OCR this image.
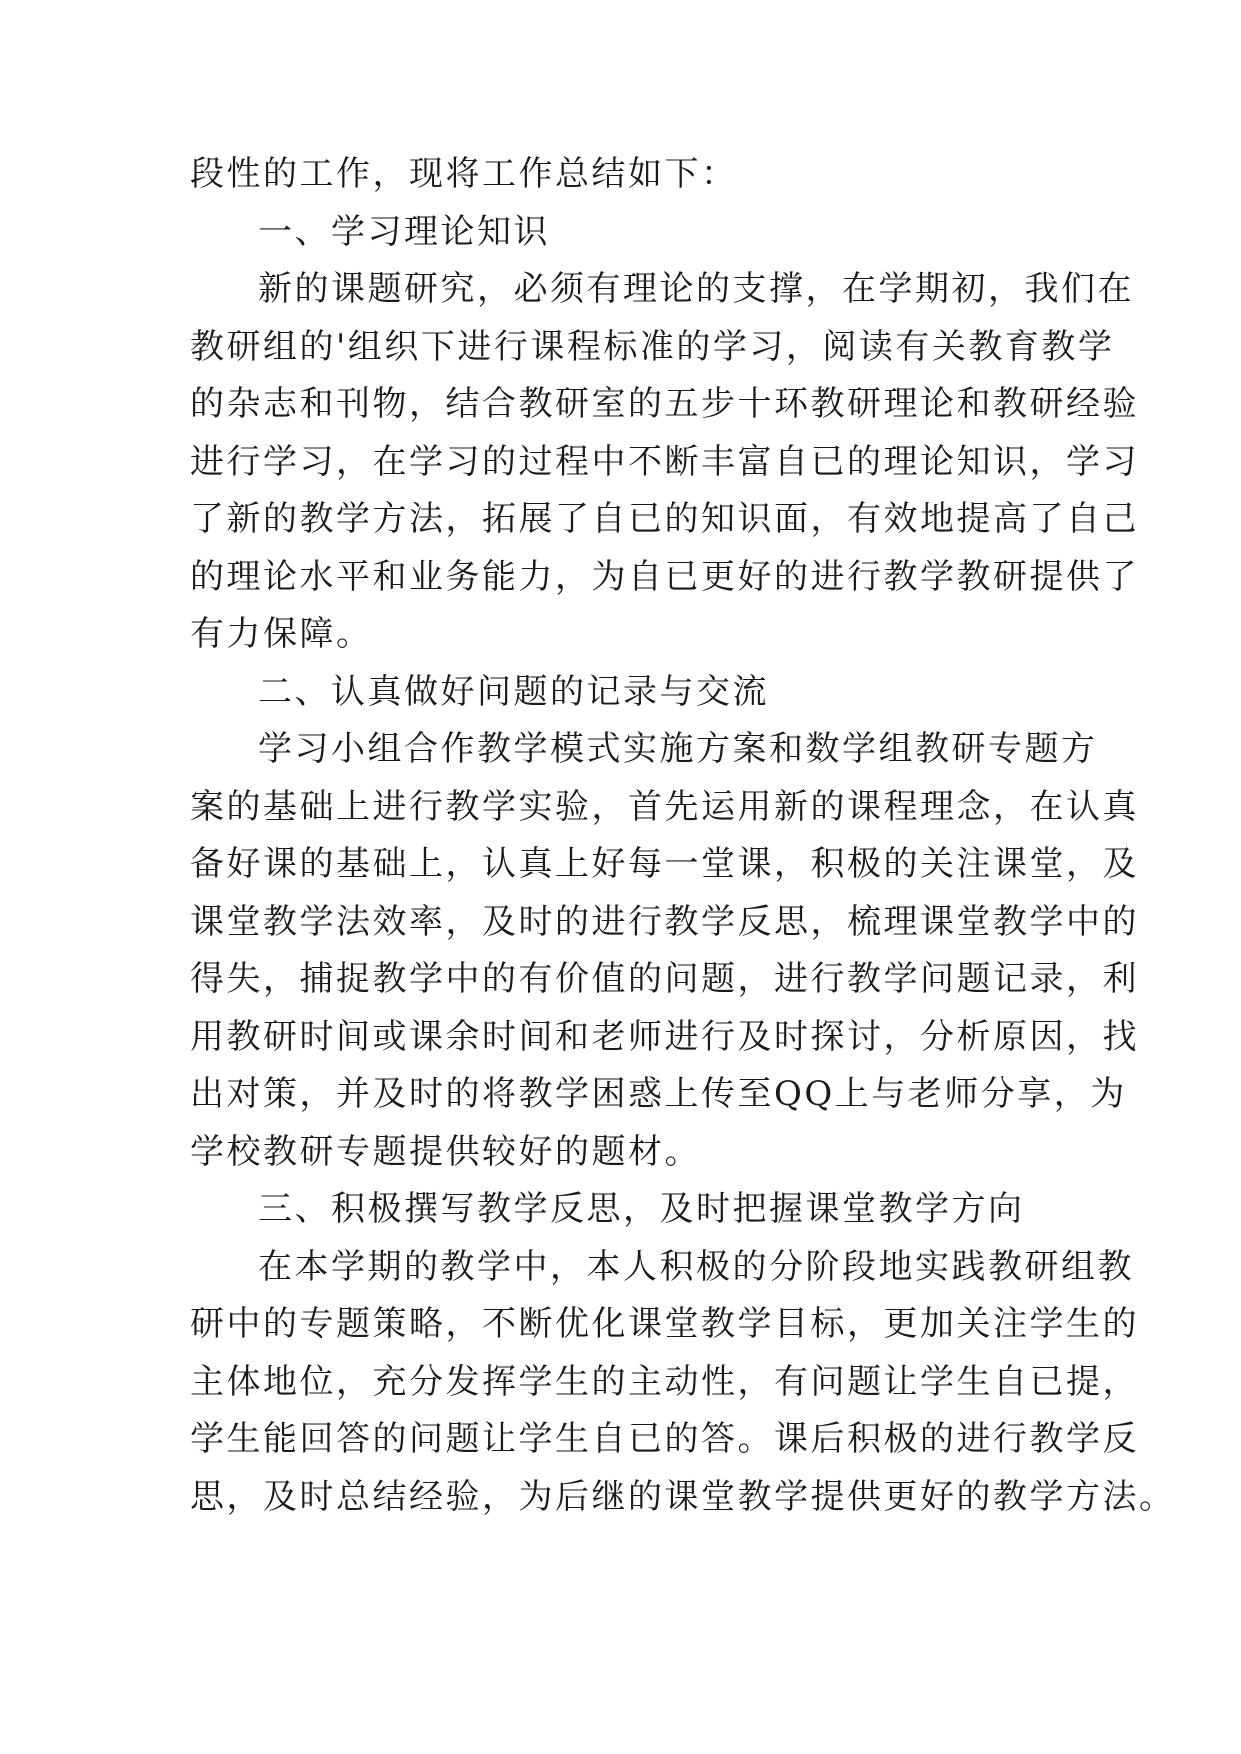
段性的工作，现将工作总结如下：
一、学习理论知识
新的课题研究，必须有理论的支撑，在学期初，我们在
教研组的'组织下进行课程标准的学习，阅读有关教育教学
的杂志和刊物，结合教研室的五步十环教研理论和教研经验
进行学习，在学习的过程中不断丰富自已的理论知识，学习
了新的教学方法，拓展了自已的知识面，有效地提高了自己
的理论水平和业务能力，为自已更好的进行教学教研提供了
有力保障。
二、认真做好问题的记录与交流
学习小组合作教学模式实施方案和数学组教研专题方
案的基础上进行教学实验，首先运用新的课程理念，在认真
备好课的基础上，认真上好每一堂课，积极的关注课堂，及
课堂教学法效率，及时的进行教学反思，梳理课堂教学中的
得失，捕捉教学中的有价值的问题，进行教学问题记录，利
用教研时间或课余时间和老师进行及时探讨，分析原因，找
出对策，并及时的将教学困惑上传至QQ上与老师分享，为
学校教研专题提供较好的题材。
三、积极撰写教学反思，及时把握课堂教学方向
在本学期的教学中，本人积极的分阶段地实践教研组教
研中的专题策略，不断优化课堂教学目标，更加关注学生的
主体地位，充分发挥学生的主动性，有问题让学生自已提，
学生能回答的问题让学生自已的答。课后积极的进行教学反
思，及时总结经验，为后继的课堂教学提供更好的教学方法。
